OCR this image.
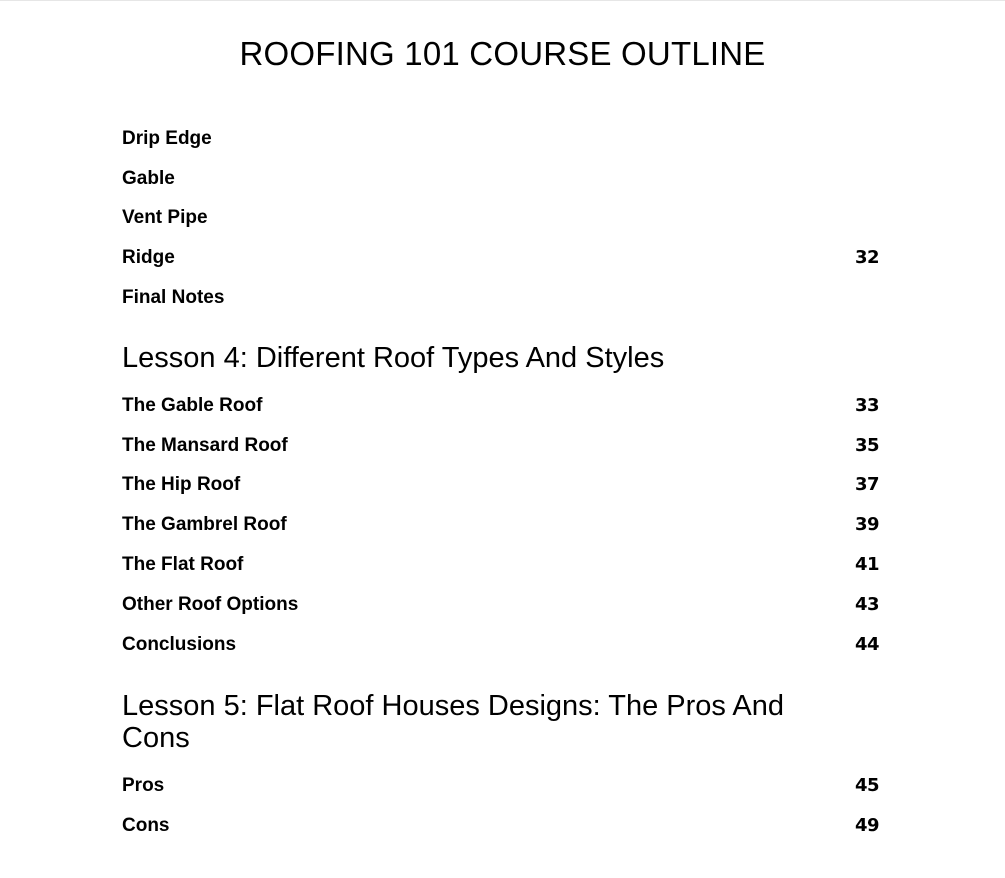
ROOFING 101 COURSE OUTLINE
Drip Edge
Gable
Vent Pipe
Ridge	32
Final Notes
Lesson 4: Different Roof Types And Styles
The Gable Roof	33
The Mansard Roof	35
The Hip Roof	37
The Gambrel Roof	39
The Flat Roof	41
Other Roof Options	43
Conclusions	44
Lesson 5: Flat Roof Houses Designs: The Pros And
Cons
Pros	45
Cons	49
